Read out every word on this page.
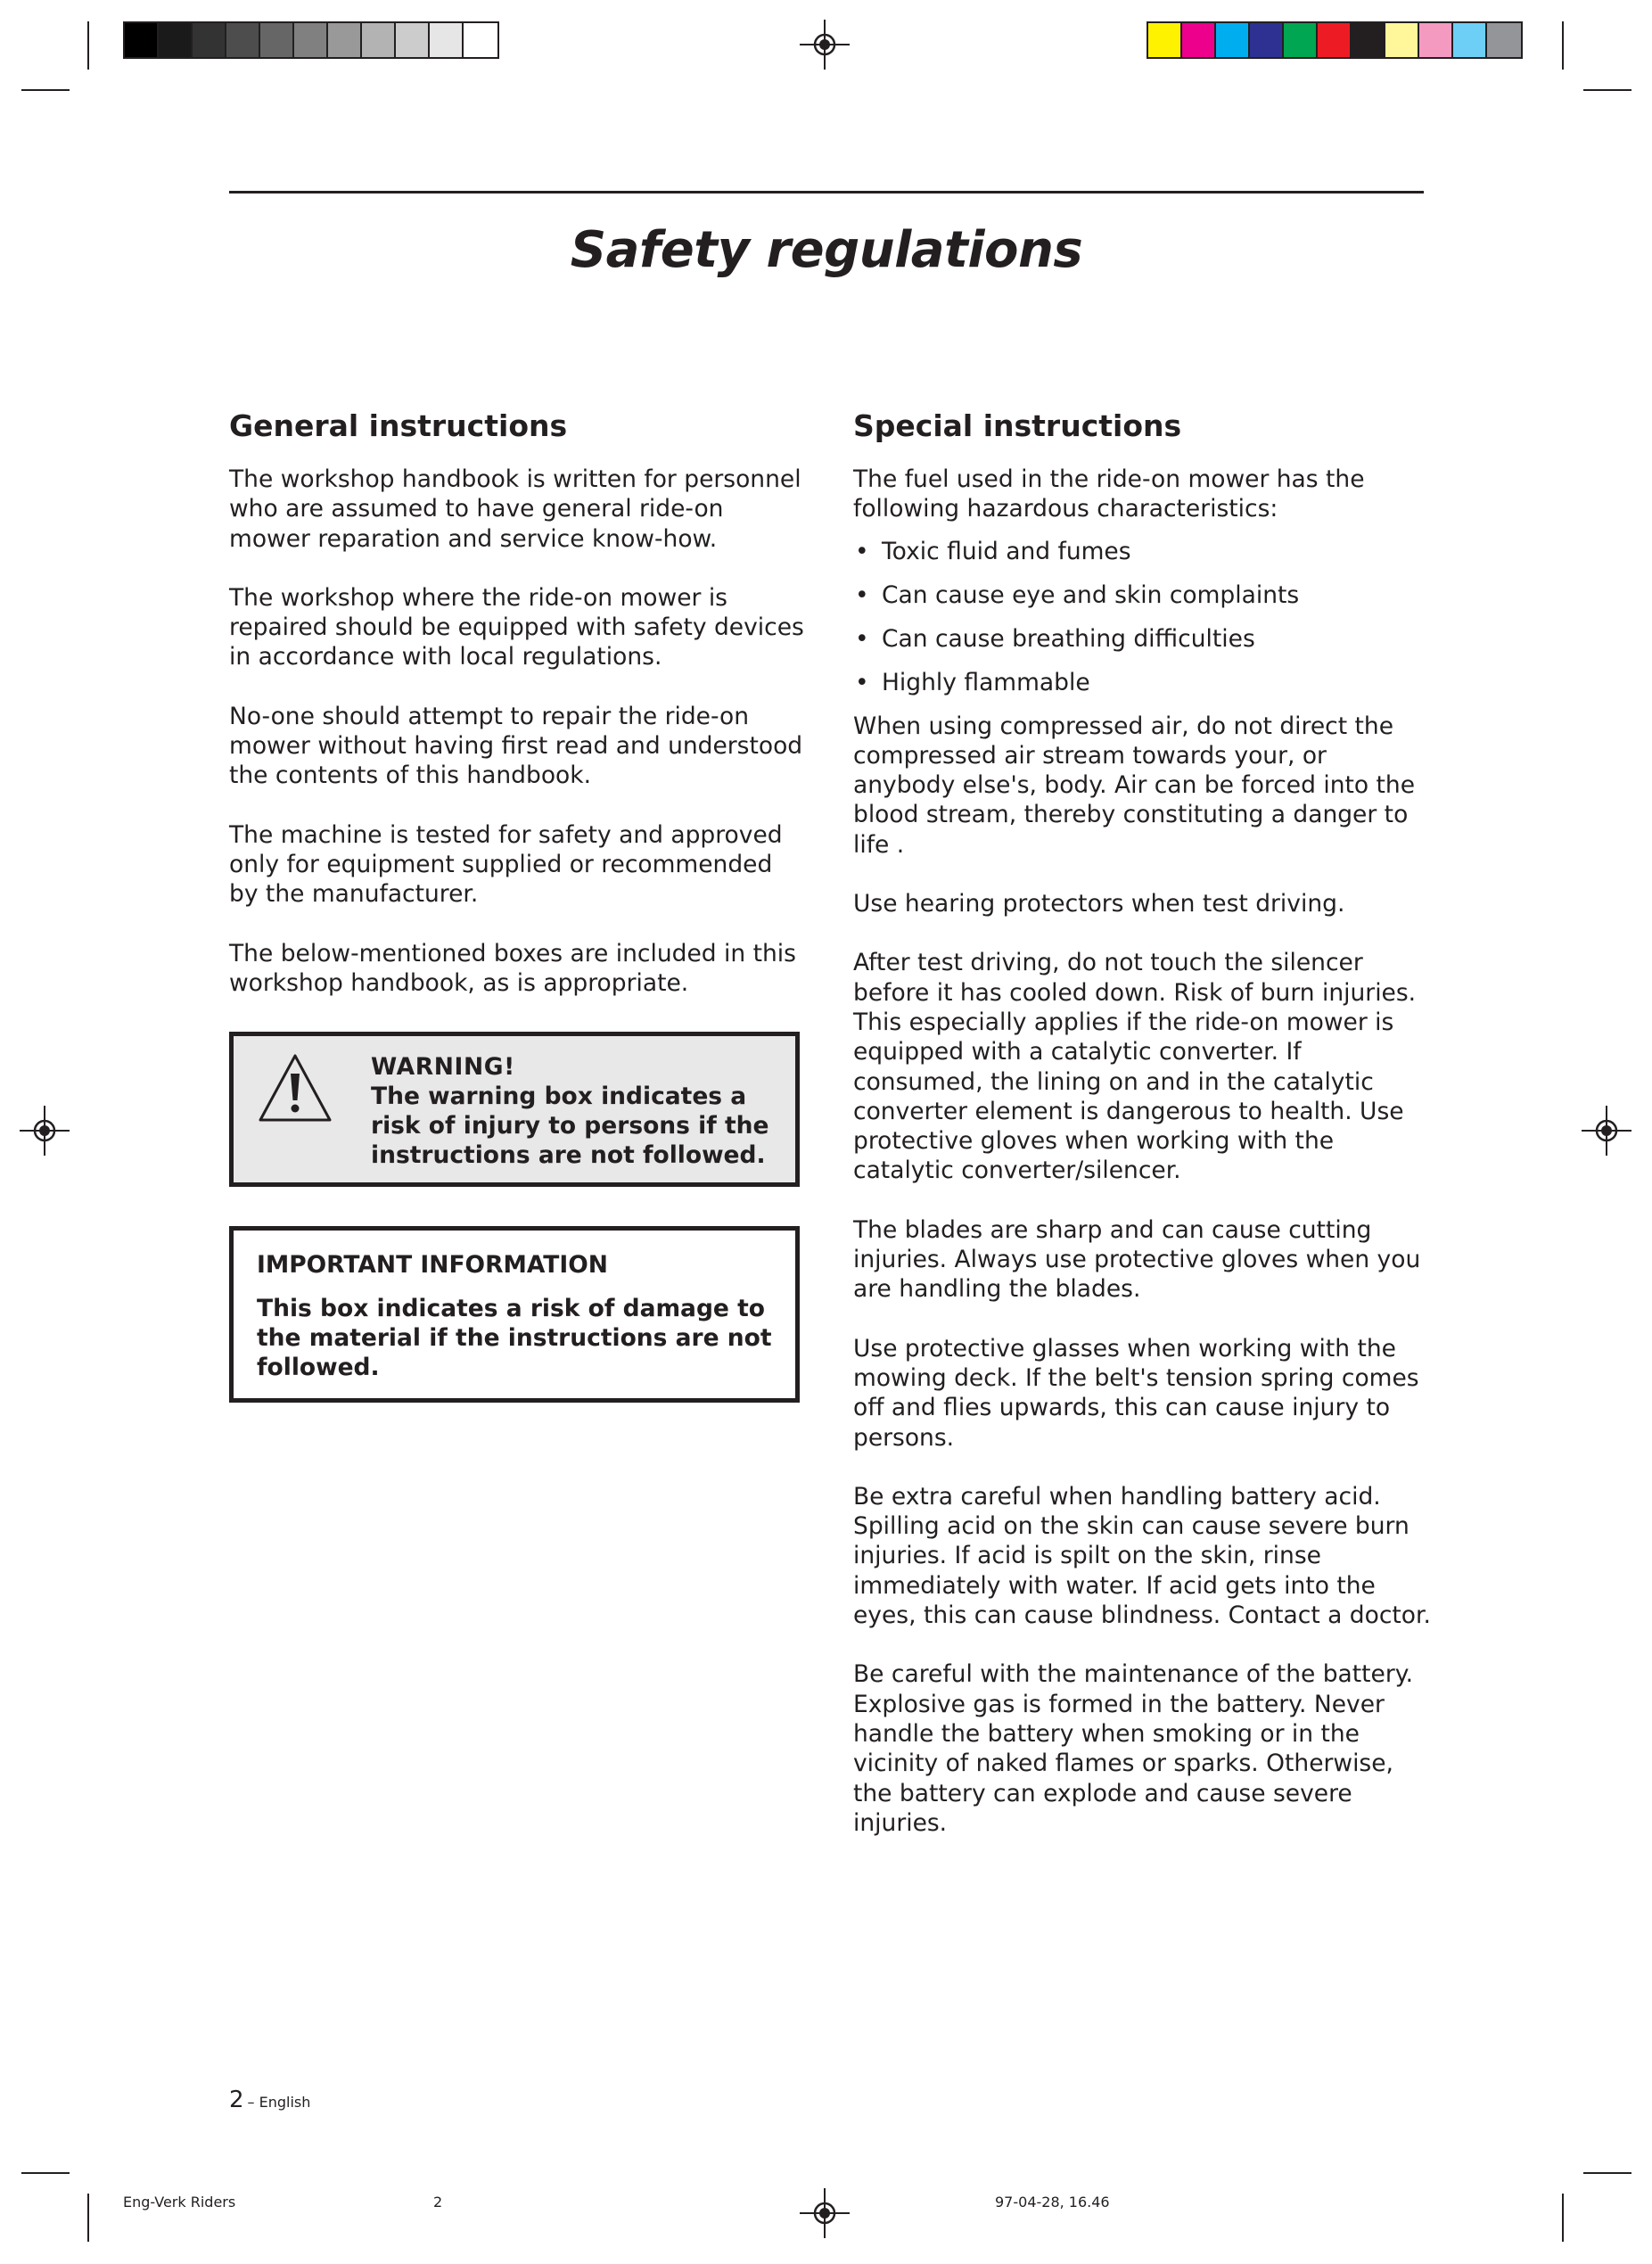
Safety regulations
General instructions

The workshop handbook is written for personnel who are assumed to have general ride-on mower reparation and service know-how.

The workshop where the ride-on mower is repaired should be equipped with safety devices in accordance with local regulations.

No-one should attempt to repair the ride-on mower without having first read and understood the contents of this handbook.

The machine is tested for safety and approved only for equipment supplied or recommended by the manufacturer.

The below-mentioned boxes are included in this workshop handbook, as is appropriate.

WARNING!

The warning box indicates a risk of injury to persons if the instructions are not followed.

IMPORTANT INFORMATION

This box indicates a risk of damage to the material if the instructions are not followed.

Special instructions

The fuel used in the ride-on mower has the following hazardous characteristics:

• Toxic fluid and fumes
• Can cause eye and skin complaints
• Can cause breathing difficulties
• Highly flammable

When using compressed air, do not direct the compressed air stream towards your, or anybody else's, body. Air can be forced into the blood stream, thereby constituting a danger to life .

Use hearing protectors when test driving.

After test driving, do not touch the silencer before it has cooled down. Risk of burn injuries. This especially applies if the ride-on mower is equipped with a catalytic converter. If consumed, the lining on and in the catalytic converter element is dangerous to health. Use protective gloves when working with the catalytic converter/silencer.

The blades are sharp and can cause cutting injuries. Always use protective gloves when you are handling the blades.

Use protective glasses when working with the mowing deck. If the belt's tension spring comes off and flies upwards, this can cause injury to persons.

Be extra careful when handling battery acid. Spilling acid on the skin can cause severe burn injuries. If acid is spilt on the skin, rinse immediately with water. If acid gets into the eyes, this can cause blindness. Contact a doctor.

Be careful with the maintenance of the battery. Explosive gas is formed in the battery. Never handle the battery when smoking or in the vicinity of naked flames or sparks. Otherwise, the battery can explode and cause severe injuries.

2 – English
Eng-Verk Riders	2	97-04-28, 16.46
